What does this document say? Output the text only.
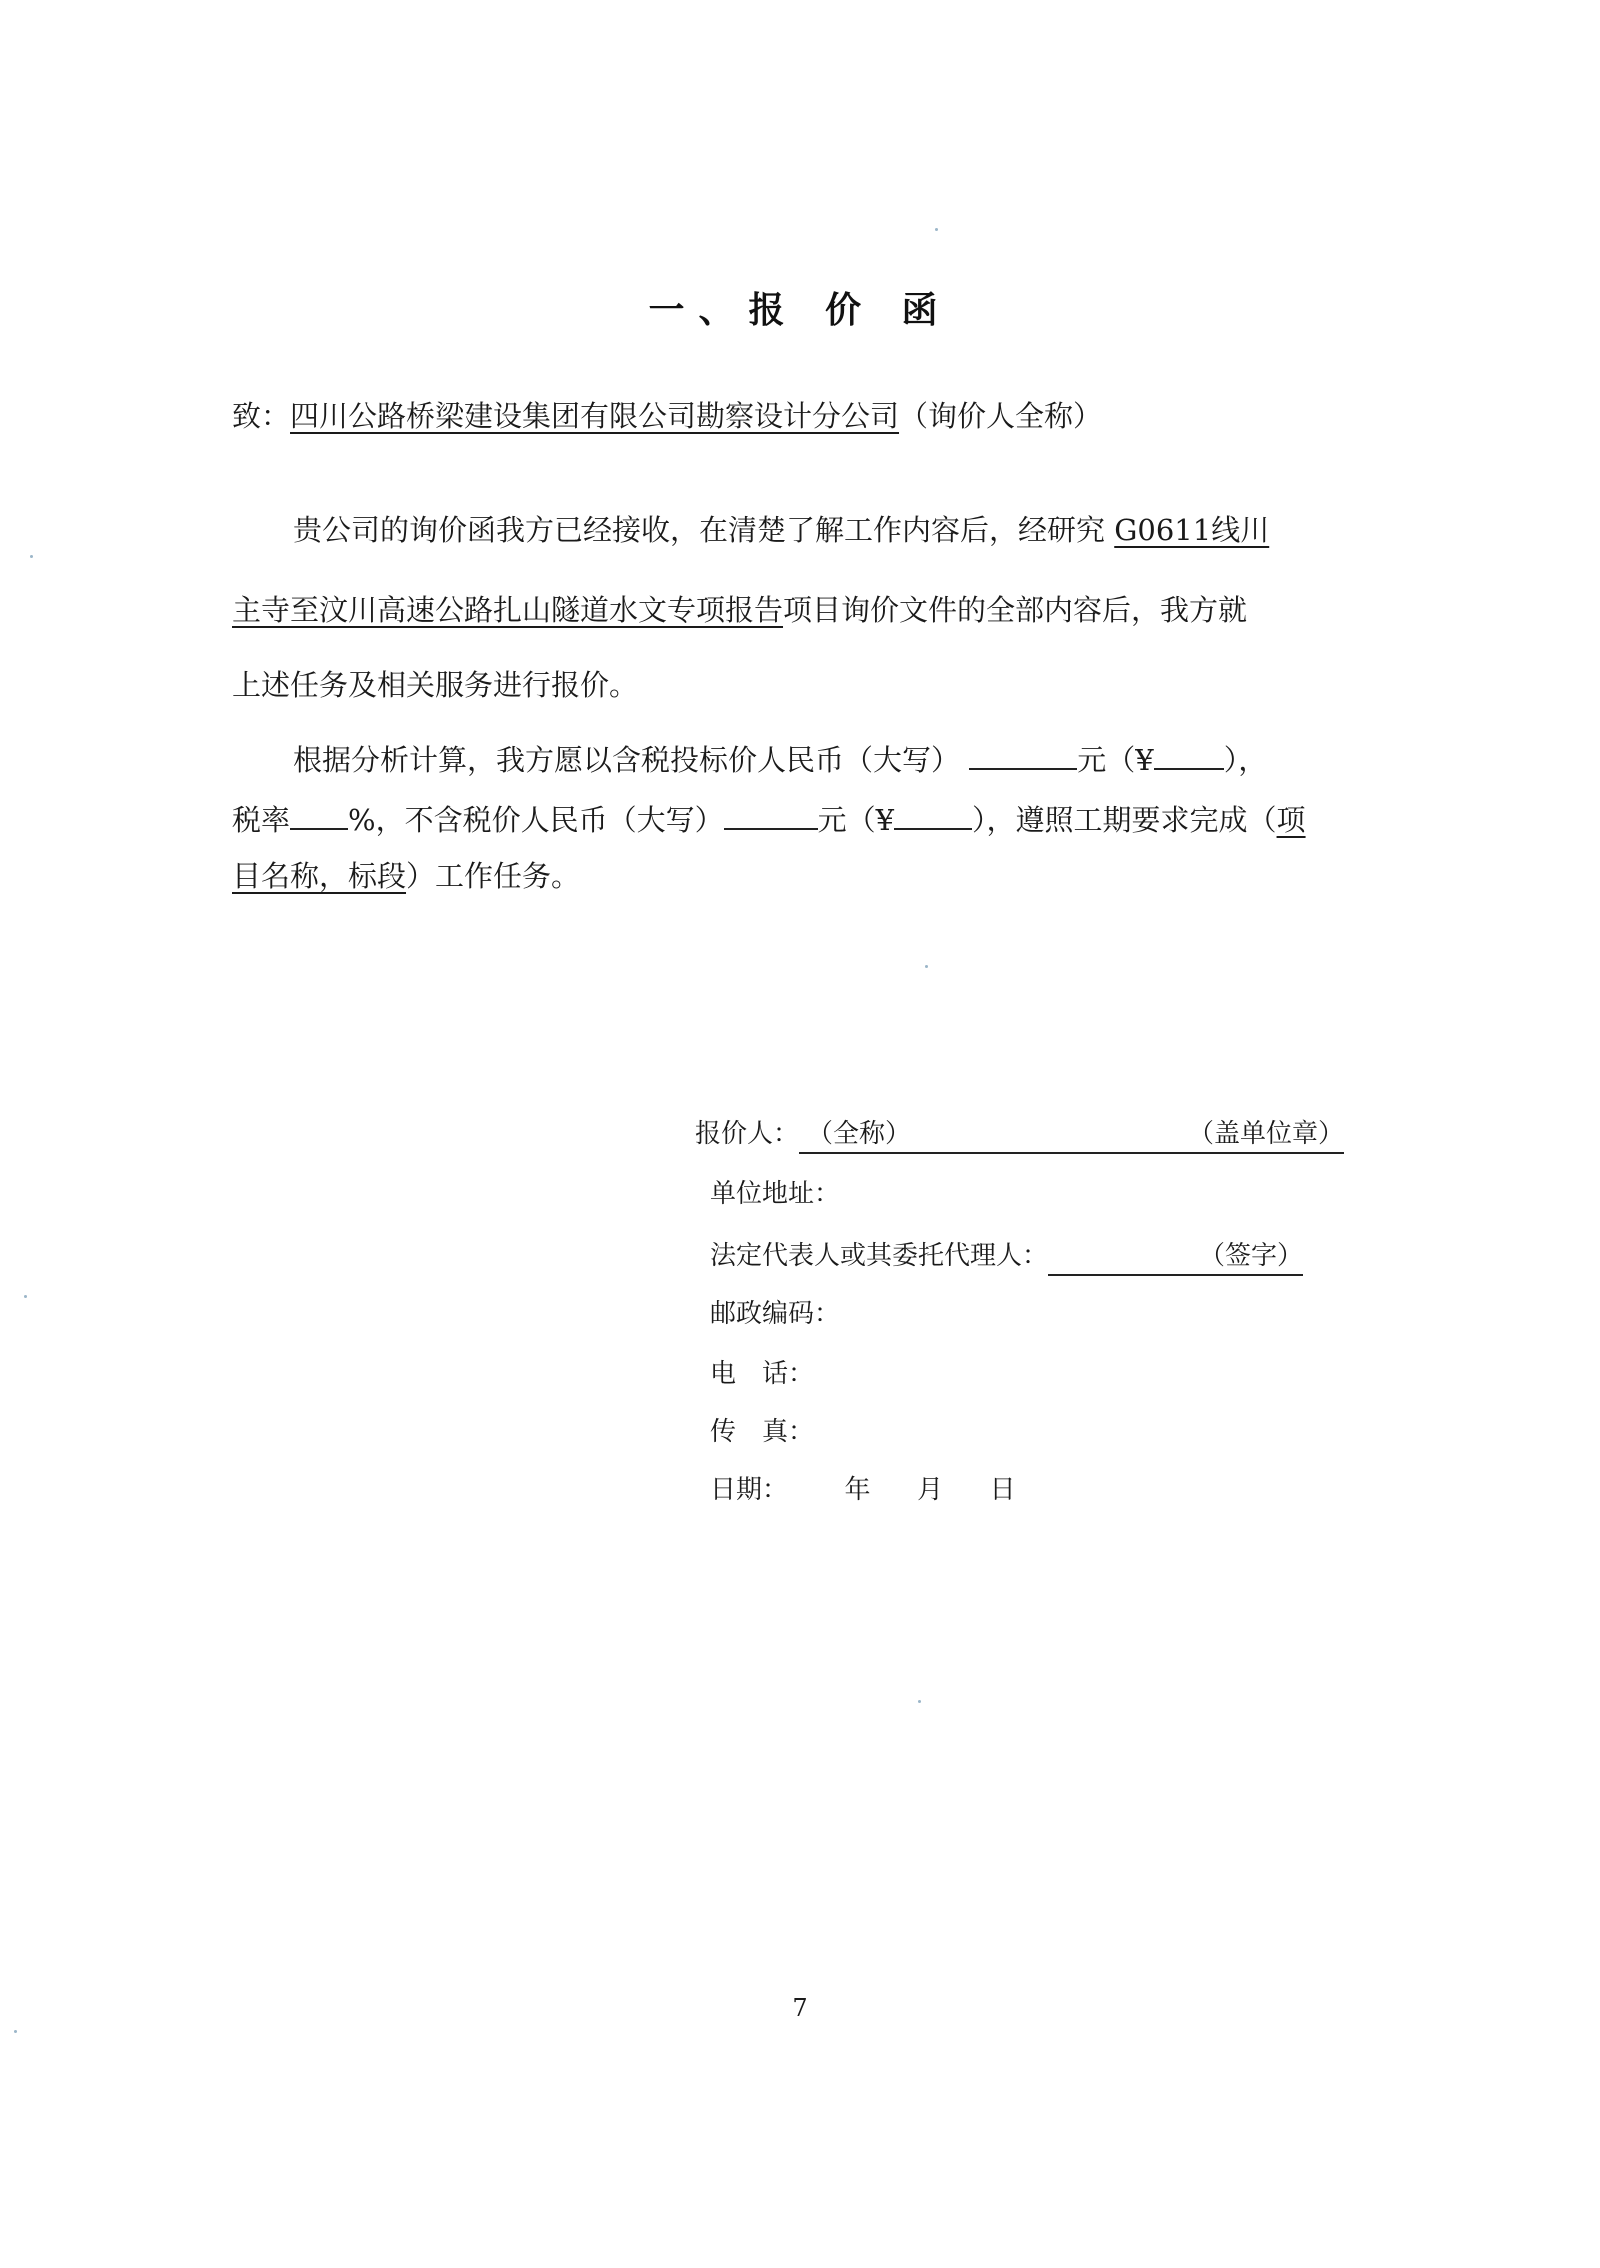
一、报 价 函
致：四川公路桥梁建设集团有限公司勘察设计分公司（询价人全称）
贵公司的询价函我方已经接收，在清楚了解工作内容后，经研究 G0611线川
主寺至汶川高速公路扎山隧道水文专项报告项目询价文件的全部内容后，我方就
上述任务及相关服务进行报价。
根据分析计算，我方愿以含税投标价人民币（大写）	元（¥ ），
税率 %，不含税价人民币（大写）	元（¥	），遵照工期要求完成（项
目名称，标段）工作任务。
报价人： （全称）	（盖单位章）

单位地址：
法定代表人或其委托代理人：	（签字）

邮政编码：
电　话：
传　真：
日期： 年 月 日
7
